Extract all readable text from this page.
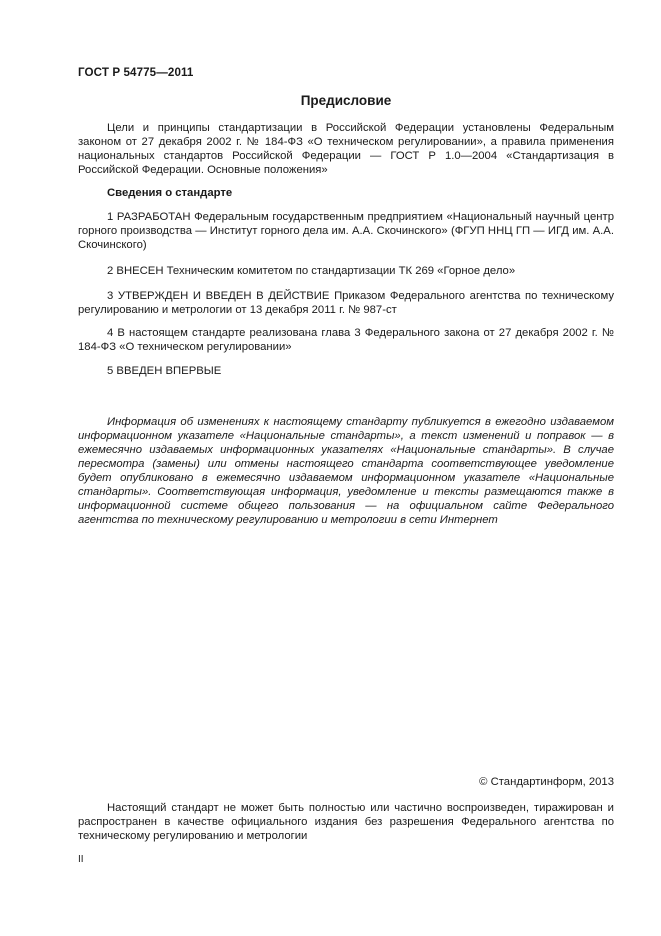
ГОСТ Р 54775—2011
Предисловие

Цели и принципы стандартизации в Российской Федерации установлены Федеральным законом от 27 декабря 2002 г. № 184-ФЗ «О техническом регулировании», а правила применения национальных стандартов Российской Федерации — ГОСТ Р 1.0—2004 «Стандартизация в Российской Федерации. Основные положения»

Сведения о стандарте

1 РАЗРАБОТАН Федеральным государственным предприятием «Национальный научный центр горного производства — Институт горного дела им. А.А. Скочинского» (ФГУП ННЦ ГП — ИГД им. А.А. Скочинского)

2 ВНЕСЕН Техническим комитетом по стандартизации ТК 269 «Горное дело»

3 УТВЕРЖДЕН И ВВЕДЕН В ДЕЙСТВИЕ Приказом Федерального агентства по техническому регулированию и метрологии от 13 декабря 2011 г. № 987-ст

4 В настоящем стандарте реализована глава 3 Федерального закона от 27 декабря 2002 г. № 184-ФЗ «О техническом регулировании»

5 ВВЕДЕН ВПЕРВЫЕ

Информация об изменениях к настоящему стандарту публикуется в ежегодно издаваемом информационном указателе «Национальные стандарты», а текст изменений и поправок — в ежемесячно издаваемых информационных указателях «Национальные стандарты». В случае пересмотра (замены) или отмены настоящего стандарта соответствующее уведомление будет опубликовано в ежемесячно издаваемом информационном указателе «Национальные стандарты». Соответствующая информация, уведомление и тексты размещаются также в информационной системе общего пользования — на официальном сайте Федерального агентства по техническому регулированию и метрологии в сети Интернет

© Стандартинформ, 2013

Настоящий стандарт не может быть полностью или частично воспроизведен, тиражирован и распространен в качестве официального издания без разрешения Федерального агентства по техническому регулированию и метрологии

II
